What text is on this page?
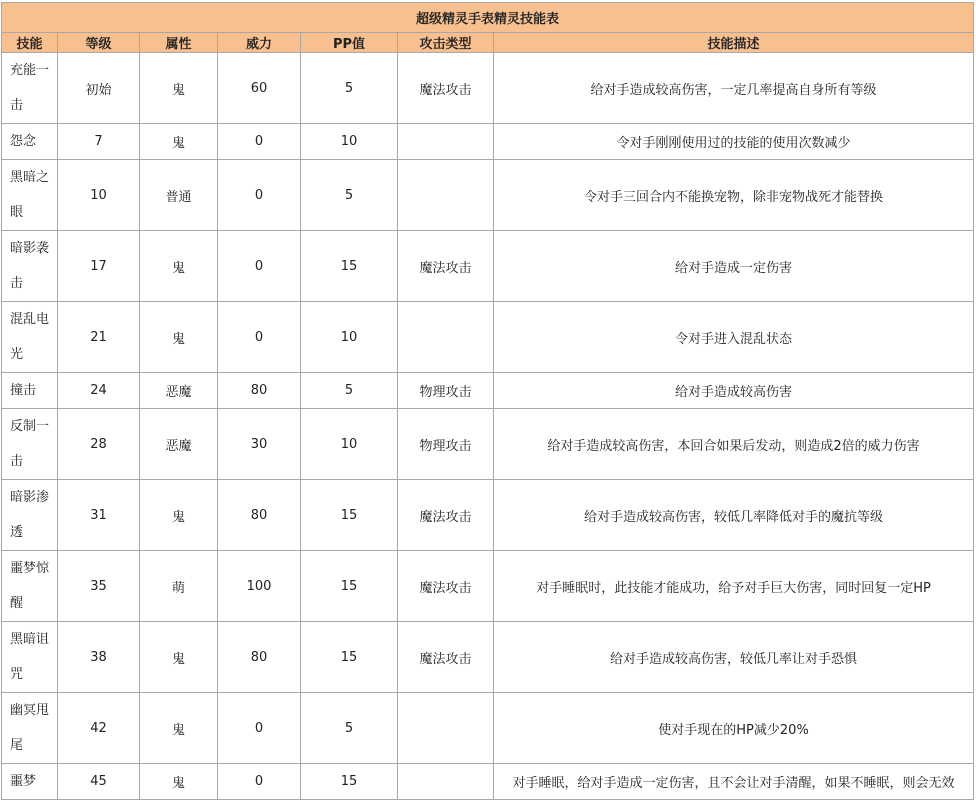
超级精灵手表精灵技能表						
技能	等级	属性	威力	PP值	攻击类型	技能描述
充能一击	初始	鬼	60	5	魔法攻击	给对手造成较高伤害，一定几率提高自身所有等级
怨念	7	鬼	0	10		令对手刚刚使用过的技能的使用次数减少
黑暗之眼	10	普通	0	5		令对手三回合内不能换宠物，除非宠物战死才能替换
暗影袭击	17	鬼	0	15	魔法攻击	给对手造成一定伤害
混乱电光	21	鬼	0	10		令对手进入混乱状态
撞击	24	恶魔	80	5	物理攻击	给对手造成较高伤害
反制一击	28	恶魔	30	10	物理攻击	给对手造成较高伤害，本回合如果后发动，则造成2倍的威力伤害
暗影渗透	31	鬼	80	15	魔法攻击	给对手造成较高伤害，较低几率降低对手的魔抗等级
噩梦惊醒	35	萌	100	15	魔法攻击	对手睡眠时，此技能才能成功，给予对手巨大伤害，同时回复一定HP
黑暗诅咒	38	鬼	80	15	魔法攻击	给对手造成较高伤害，较低几率让对手恐惧
幽冥甩尾	42	鬼	0	5		使对手现在的HP减少20%
噩梦	45	鬼	0	15		对手睡眠，给对手造成一定伤害，且不会让对手清醒，如果不睡眠，则会无效
